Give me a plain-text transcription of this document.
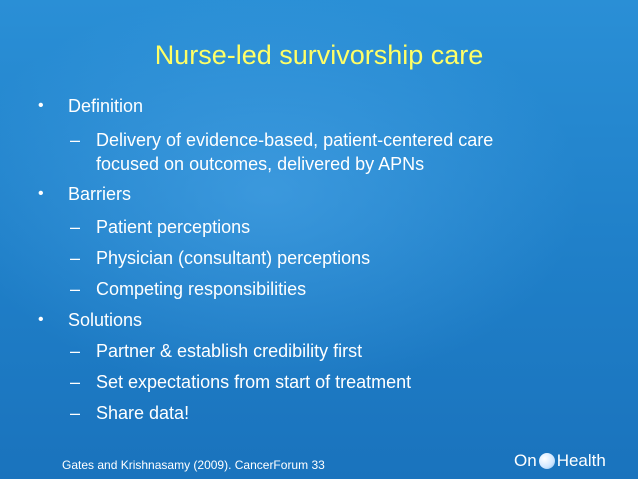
Nurse-led survivorship care
• Definition
– Delivery of evidence-based, patient-centered care
focused on outcomes, delivered by APNs
• Barriers
– Patient perceptions
– Physician (consultant) perceptions
– Competing responsibilities
• Solutions
– Partner & establish credibility first
– Set expectations from start of treatment
– Share data!
Gates and Krishnasamy (2009). CancerForum 33	On Health
